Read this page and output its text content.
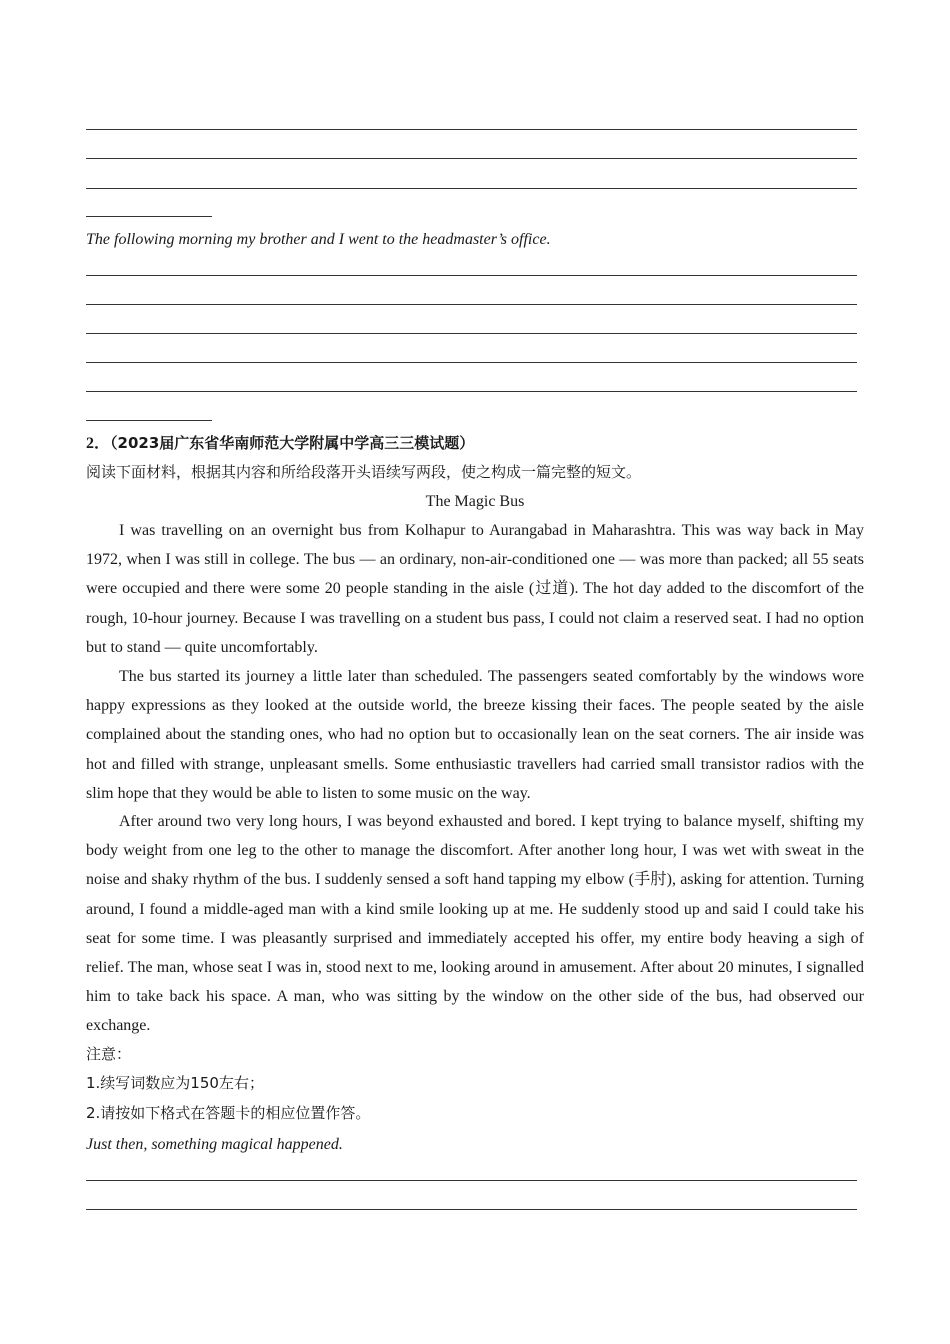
The following morning my brother and I went to the headmaster’s office.
2．（2023届广东省华南师范大学附属中学高三三模试题）
阅读下面材料，根据其内容和所给段落开头语续写两段，使之构成一篇完整的短文。
The Magic Bus
I was travelling on an overnight bus from Kolhapur to Aurangabad in Maharashtra. This was way back in May 1972, when I was still in college. The bus — an ordinary, non-air-conditioned one — was more than packed; all 55 seats were occupied and there were some 20 people standing in the aisle (过道). The hot day added to the discomfort of the rough, 10-hour journey. Because I was travelling on a student bus pass, I could not claim a reserved seat. I had no option but to stand — quite uncomfortably.
The bus started its journey a little later than scheduled. The passengers seated comfortably by the windows wore happy expressions as they looked at the outside world, the breeze kissing their faces. The people seated by the aisle complained about the standing ones, who had no option but to occasionally lean on the seat corners. The air inside was hot and filled with strange, unpleasant smells. Some enthusiastic travellers had carried small transistor radios with the slim hope that they would be able to listen to some music on the way.
After around two very long hours, I was beyond exhausted and bored. I kept trying to balance myself, shifting my body weight from one leg to the other to manage the discomfort. After another long hour, I was wet with sweat in the noise and shaky rhythm of the bus. I suddenly sensed a soft hand tapping my elbow (手肘), asking for attention. Turning around, I found a middle-aged man with a kind smile looking up at me. He suddenly stood up and said I could take his seat for some time. I was pleasantly surprised and immediately accepted his offer, my entire body heaving a sigh of relief. The man, whose seat I was in, stood next to me, looking around in amusement. After about 20 minutes, I signalled him to take back his space. A man, who was sitting by the window on the other side of the bus, had observed our exchange.
注意：
1.续写词数应为150左右；
2.请按如下格式在答题卡的相应位置作答。
Just then, something magical happened.
